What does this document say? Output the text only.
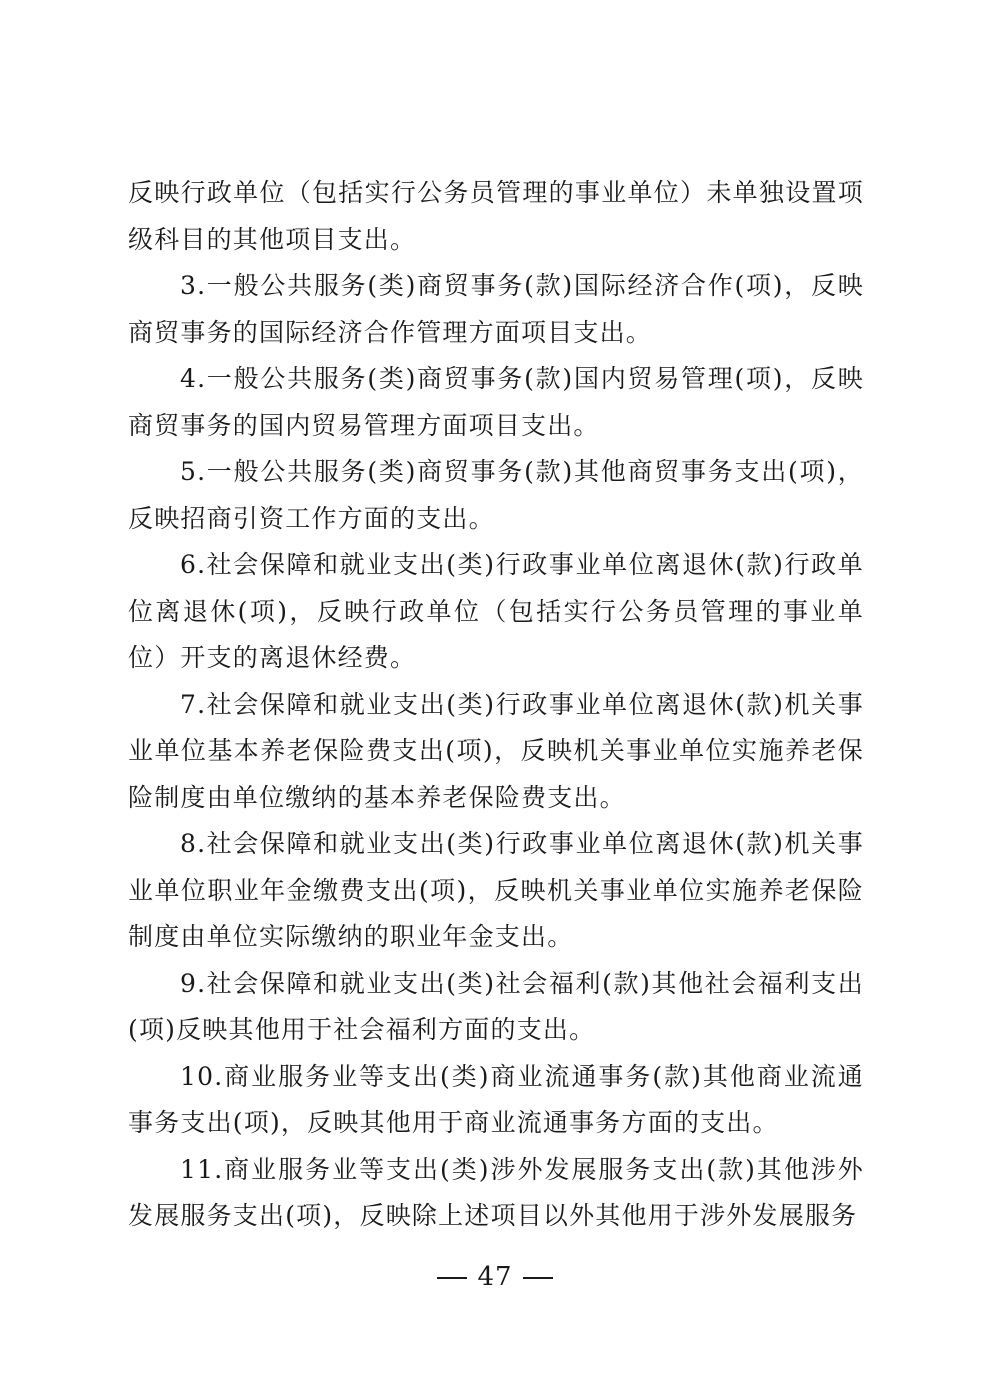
反映行政单位（包括实行公务员管理的事业单位）未单独设置项级科目的其他项目支出。

3.一般公共服务(类)商贸事务(款)国际经济合作(项)，反映商贸事务的国际经济合作管理方面项目支出。

4.一般公共服务(类)商贸事务(款)国内贸易管理(项)，反映商贸事务的国内贸易管理方面项目支出。

5.一般公共服务(类)商贸事务(款)其他商贸事务支出(项)，反映招商引资工作方面的支出。

6.社会保障和就业支出(类)行政事业单位离退休(款)行政单位离退休(项)，反映行政单位（包括实行公务员管理的事业单位）开支的离退休经费。

7.社会保障和就业支出(类)行政事业单位离退休(款)机关事业单位基本养老保险费支出(项)，反映机关事业单位实施养老保险制度由单位缴纳的基本养老保险费支出。

8.社会保障和就业支出(类)行政事业单位离退休(款)机关事业单位职业年金缴费支出(项)，反映机关事业单位实施养老保险制度由单位实际缴纳的职业年金支出。

9.社会保障和就业支出(类)社会福利(款)其他社会福利支出(项)反映其他用于社会福利方面的支出。

10.商业服务业等支出(类)商业流通事务(款)其他商业流通事务支出(项)，反映其他用于商业流通事务方面的支出。

11.商业服务业等支出(类)涉外发展服务支出(款)其他涉外发展服务支出(项)，反映除上述项目以外其他用于涉外发展服务

47
